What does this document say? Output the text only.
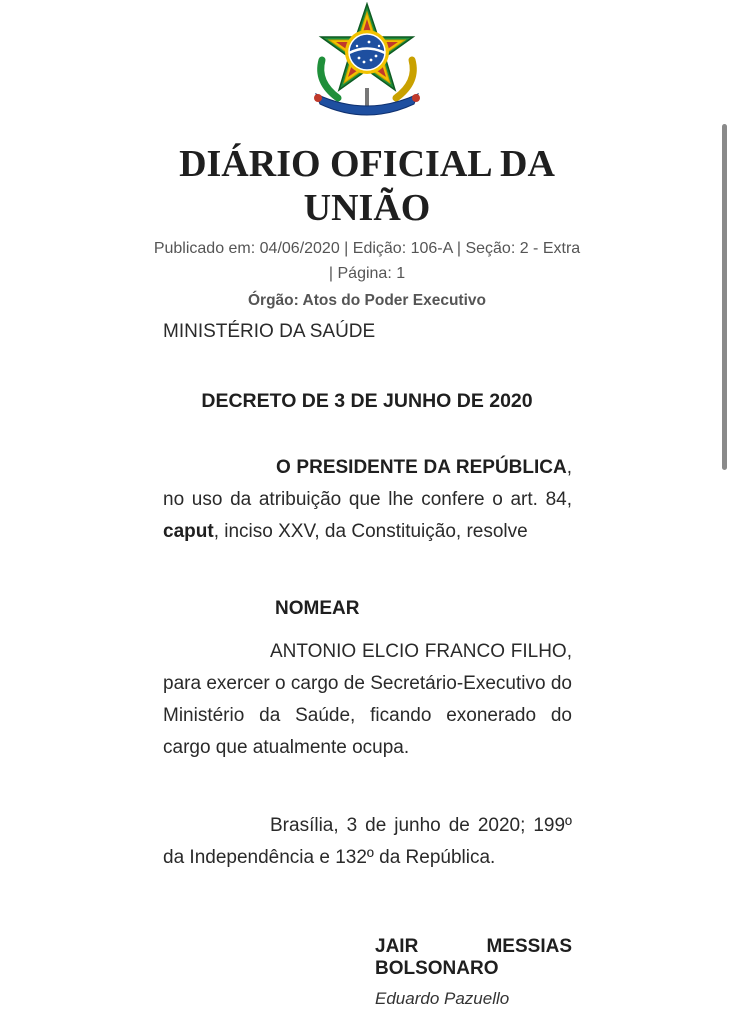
DIÁRIO OFICIAL DA UNIÃO
Publicado em: 04/06/2020 | Edição: 106-A | Seção: 2 - Extra | Página: 1
Órgão: Atos do Poder Executivo
MINISTÉRIO DA SAÚDE
DECRETO DE 3 DE JUNHO DE 2020
O PRESIDENTE DA REPÚBLICA, no uso da atribuição que lhe confere o art. 84, caput, inciso XXV, da Constituição, resolve
NOMEAR
ANTONIO ELCIO FRANCO FILHO, para exercer o cargo de Secretário-Executivo do Ministério da Saúde, ficando exonerado do cargo que atualmente ocupa.
Brasília, 3 de junho de 2020; 199º da Independência e 132º da República.
JAIR MESSIAS BOLSONARO
Eduardo Pazuello
